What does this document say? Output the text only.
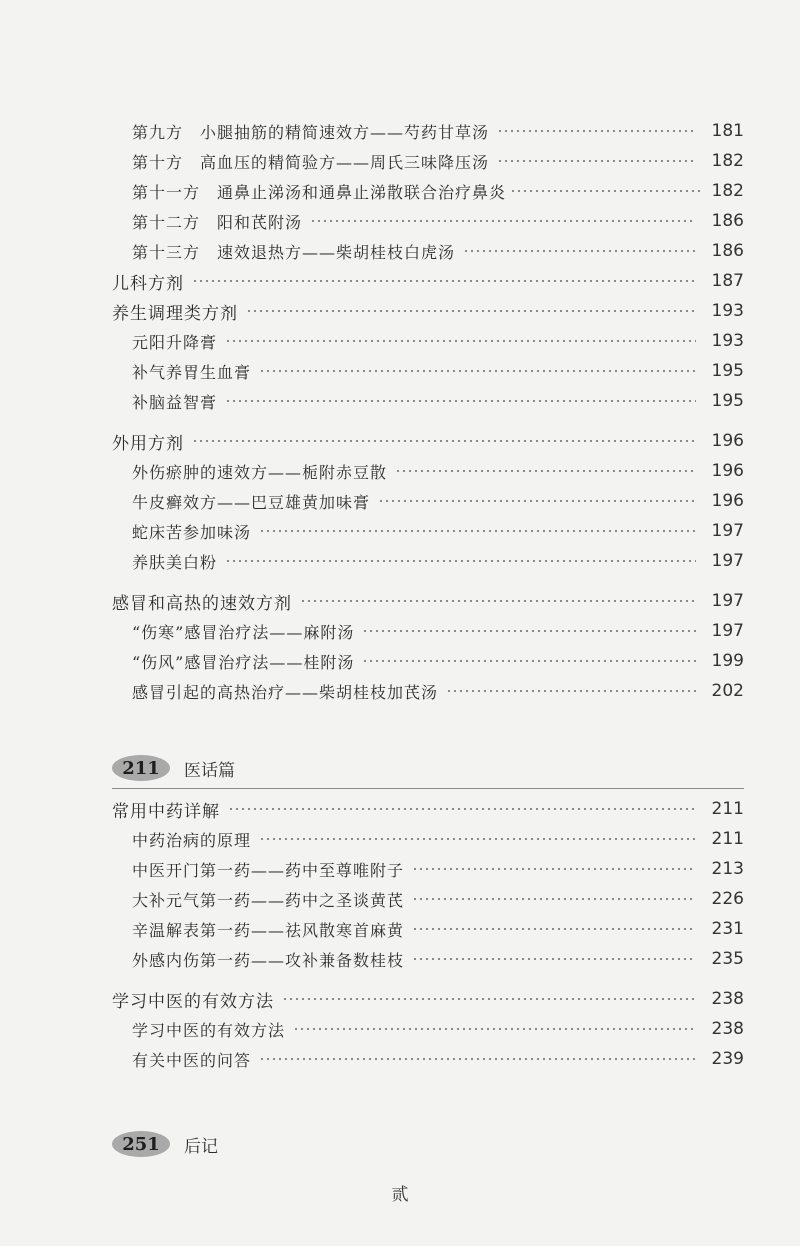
第九方　小腿抽筋的精简速效方——芍药甘草汤	181
第十方　高血压的精简验方——周氏三味降压汤	182
第十一方　通鼻止涕汤和通鼻止涕散联合治疗鼻炎	182
第十二方　阳和芪附汤	186
第十三方　速效退热方——柴胡桂枝白虎汤	186
儿科方剂	187
养生调理类方剂	193
元阳升降膏	193
补气养胃生血膏	195
补脑益智膏	195
外用方剂	196
外伤瘀肿的速效方——栀附赤豆散	196
牛皮癣效方——巴豆雄黄加味膏	196
蛇床苦参加味汤	197
养肤美白粉	197
感冒和高热的速效方剂	197
“伤寒”感冒治疗法——麻附汤	197
“伤风”感冒治疗法——桂附汤	199
感冒引起的高热治疗——柴胡桂枝加芪汤	202
211	医话篇
常用中药详解	211
中药治病的原理	211
中医开门第一药——药中至尊唯附子	213
大补元气第一药——药中之圣谈黄芪	226
辛温解表第一药——祛风散寒首麻黄	231
外感内伤第一药——攻补兼备数桂枝	235
学习中医的有效方法	238
学习中医的有效方法	238
有关中医的问答	239
251	后记
贰
